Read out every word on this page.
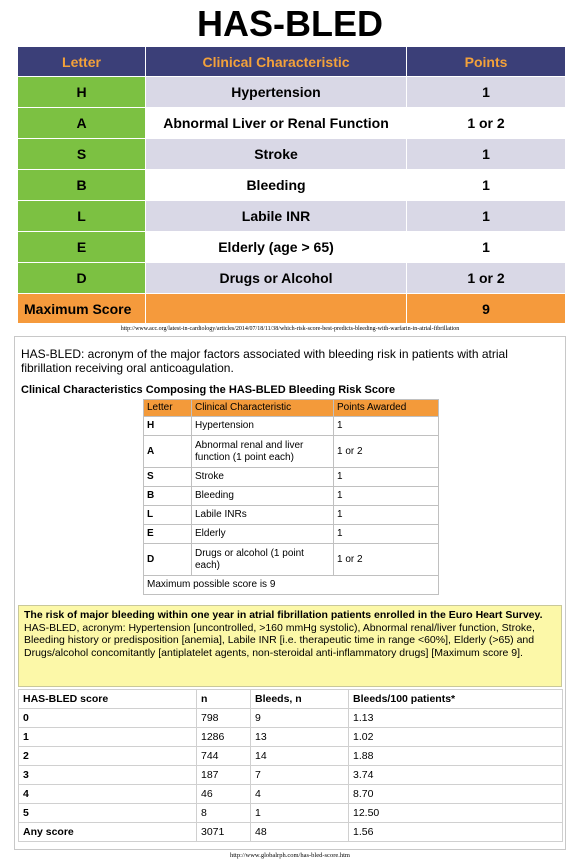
HAS-BLED
Letter	Clinical Characteristic	Points
H	Hypertension	1
A	Abnormal Liver or Renal Function	1 or 2
S	Stroke	1
B	Bleeding	1
L	Labile INR	1
E	Elderly (age > 65)	1
D	Drugs or Alcohol	1 or 2
Maximum Score		9
http://www.acc.org/latest-in-cardiology/articles/2014/07/18/11/38/which-risk-score-best-predicts-bleeding-with-warfarin-in-atrial-fibrillation
HAS-BLED: acronym of the major factors associated with bleeding risk in patients with atrial fibrillation receiving oral anticoagulation.
Clinical Characteristics Composing the HAS-BLED Bleeding Risk Score
Letter	Clinical Characteristic	Points Awarded
H	Hypertension	1
A	Abnormal renal and liver function (1 point each)	1 or 2
S	Stroke	1
B	Bleeding	1
L	Labile INRs	1
E	Elderly	1
D	Drugs or alcohol (1 point each)	1 or 2
Maximum possible score is 9		
The risk of major bleeding within one year in atrial fibrillation patients enrolled in the Euro Heart Survey.
HAS-BLED, acronym: Hypertension [uncontrolled, >160 mmHg systolic), Abnormal renal/liver function, Stroke, Bleeding history or predisposition [anemia], Labile INR [i.e. therapeutic time in range <60%], Elderly (>65) and Drugs/alcohol concomitantly [antiplatelet agents, non-steroidal anti-inflammatory drugs] [Maximum score 9].
HAS-BLED score	n	Bleeds, n	Bleeds/100 patients*
0	798	9	1.13
1	1286	13	1.02
2	744	14	1.88
3	187	7	3.74
4	46	4	8.70
5	8	1	12.50
Any score	3071	48	1.56
http://www.globalrph.com/has-bled-score.htm
